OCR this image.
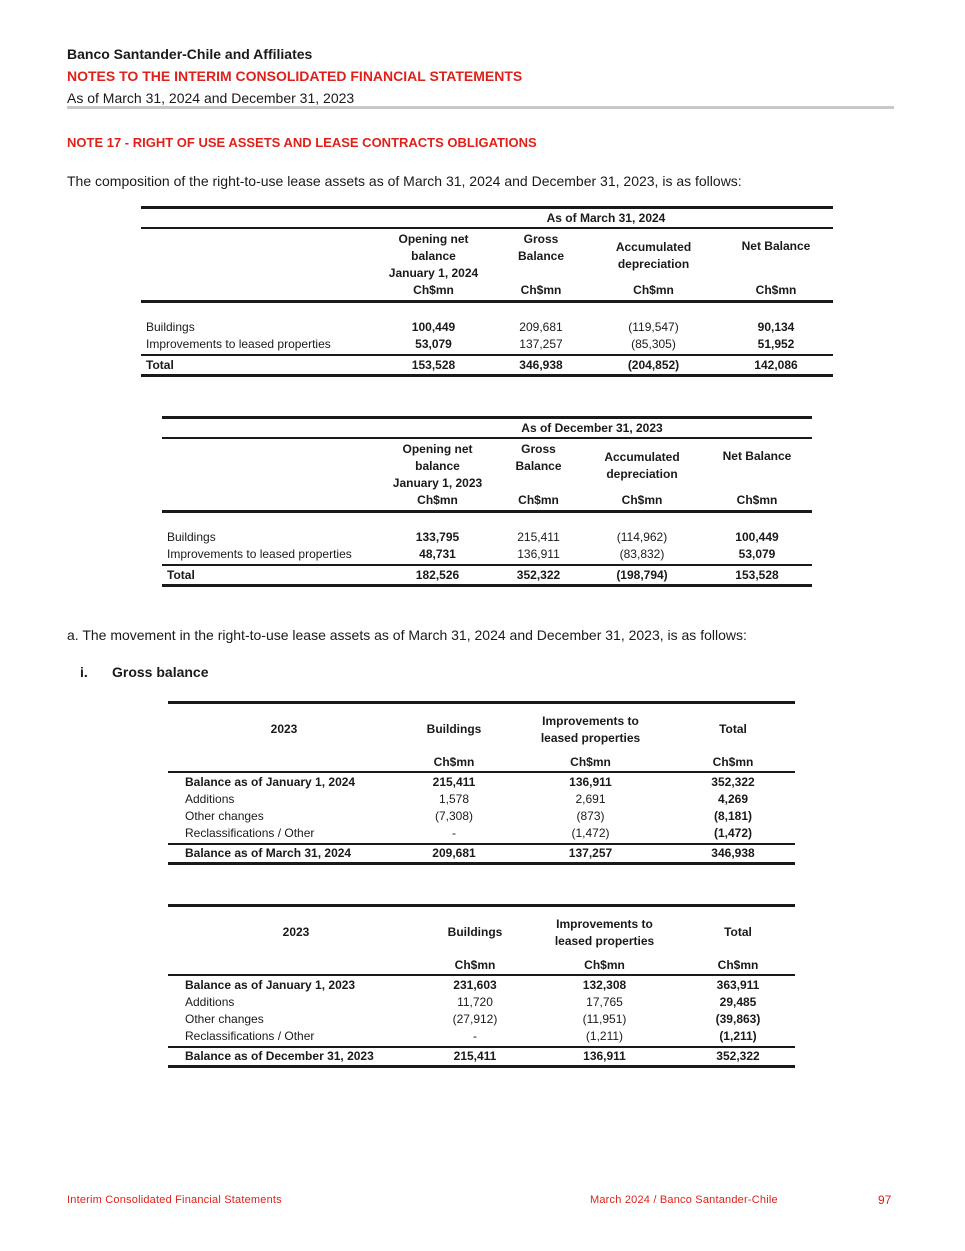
Banco Santander-Chile and Affiliates
NOTES TO THE INTERIM CONSOLIDATED FINANCIAL STATEMENTS
As of March 31, 2024 and December 31, 2023
NOTE 17 - RIGHT OF USE ASSETS AND LEASE CONTRACTS OBLIGATIONS
The composition of the right-to-use lease assets as of March 31, 2024 and December 31, 2023, is as follows:
As of March 31, 2024
Opening net
balance
January 1, 2024
Gross
Balance
Accumulated
depreciation
Net Balance
Ch$mn	Ch$mn	Ch$mn	Ch$mn
Buildings	100,449	209,681	(119,547)	90,134
Improvements to leased properties	53,079	137,257	(85,305)	51,952
Total	153,528	346,938	(204,852)	142,086
As of December 31, 2023
Opening net
balance
January 1, 2023
Gross
Balance
Accumulated
depreciation
Net Balance
Ch$mn	Ch$mn	Ch$mn	Ch$mn
Buildings	133,795	215,411	(114,962)	100,449
Improvements to leased properties	48,731	136,911	(83,832)	53,079
Total	182,526	352,322	(198,794)	153,528
a. The movement in the right-to-use lease assets as of March 31, 2024 and December 31, 2023, is as follows:
i. Gross balance
2023	Buildings
Improvements to
leased properties
Total
Ch$mn	Ch$mn	Ch$mn
Balance as of January 1, 2024	215,411	136,911	352,322
Additions	1,578	2,691	4,269
Other changes	(7,308)	(873)	(8,181)
Reclassifications / Other	-	(1,472)	(1,472)
Balance as of March 31, 2024	209,681	137,257	346,938
2023	Buildings
Improvements to
leased properties
Total
Ch$mn	Ch$mn	Ch$mn
Balance as of January 1, 2023	231,603	132,308	363,911
Additions	11,720	17,765	29,485
Other changes	(27,912)	(11,951)	(39,863)
Reclassifications / Other	-	(1,211)	(1,211)
Balance as of December 31, 2023	215,411	136,911	352,322
Interim Consolidated Financial Statements	March 2024 / Banco Santander-Chile	97
